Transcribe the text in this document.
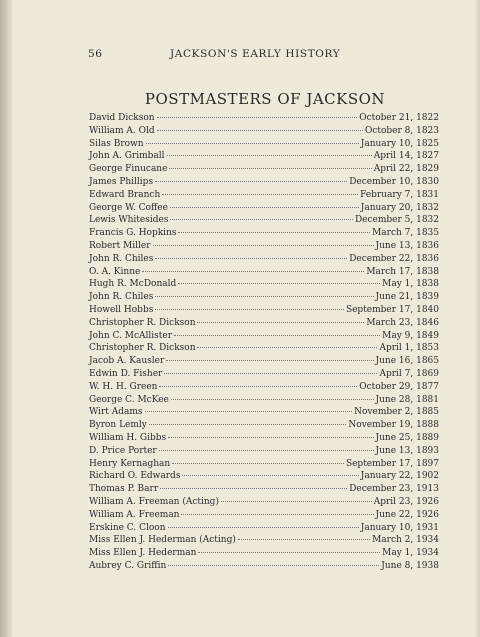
56	JACKSON'S EARLY HISTORY
POSTMASTERS OF JACKSON
David Dickson	October 21, 1822
William A. Old	October 8, 1823
Silas Brown	January 10, 1825
John A. Grimball	April 14, 1827
George Finucane	April 22, 1829
James Phillips	December 10, 1830
Edward Branch	February 7, 1831
George W. Coffee	January 20, 1832
Lewis Whitesides	December 5, 1832
Francis G. Hopkins	March 7, 1835
Robert Miller	June 13, 1836
John R. Chiles	December 22, 1836
O. A. Kinne	March 17, 1838
Hugh R. McDonald	May 1, 1838
John R. Chiles	June 21, 1839
Howell Hobbs	September 17, 1840
Christopher R. Dickson	March 23, 1846
John C. McAllister	May 9, 1849
Christopher R. Dickson	April 1, 1853
Jacob A. Kausler	June 16, 1865
Edwin D. Fisher	April 7, 1869
W. H. H. Green	October 29, 1877
George C. McKee	June 28, 1881
Wirt Adams	November 2, 1885
Byron Lemly	November 19, 1888
William H. Gibbs	June 25, 1889
D. Price Porter	June 13, 1893
Henry Kernaghan	September 17, 1897
Richard O. Edwards	January 22, 1902
Thomas P. Barr	December 23, 1913
William A. Freeman (Acting)	April 23, 1926
William A. Freeman	June 22, 1926
Erskine C. Cloon	January 10, 1931
Miss Ellen J. Hederman (Acting)	March 2, 1934
Miss Ellen J. Hederman	May 1, 1934
Aubrey C. Griffin	June 8, 1938
